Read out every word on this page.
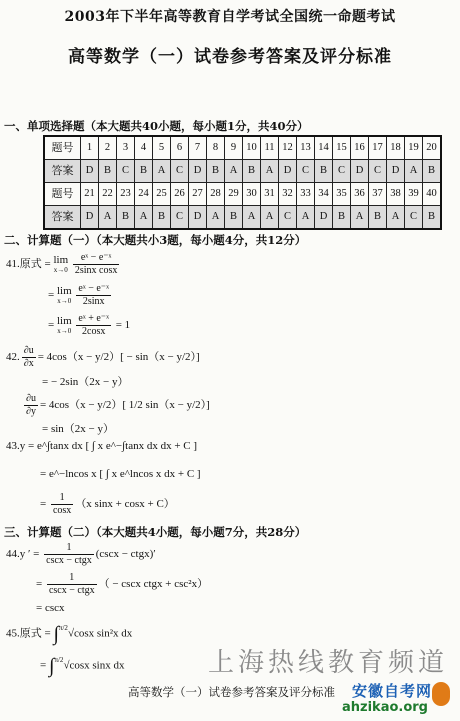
2003年下半年高等教育自学考试全国统一命题考试
高等数学（一）试卷参考答案及评分标准
一、单项选择题（本大题共40小题，每小题1分，共40分）
题号	1	2	3	4	5	6	7	8	9	10	11	12	13	14	15	16	17	18	19	20
答案	D	B	C	B	A	C	D	B	A	B	A	D	C	B	C	D	C	D	A	B
题号	21	22	23	24	25	26	27	28	29	30	31	32	33	34	35	36	37	38	39	40
答案	D	A	B	A	B	C	D	A	B	A	A	C	A	D	B	A	B	A	C	B
二、计算题（一）（本大题共小3题，每小题4分，共12分）
41.原式 = lim
x→0
$\frac{\text{eˣ − e⁻ˣ}}{\text{2sinx cosx}}$
= lim
x→0
$\frac{\text{eˣ − e⁻ˣ}}{2\sin x}$
= lim
x→0
$\frac{\text{eˣ + e⁻ˣ}}{2\cos x} = 1$
42. $\frac{\partial u}{\partial x} = 4\cos(x - y/2)[ - \sin(x - y/2)]$
= − 2sin（2x − y）
$\frac{\partial u}{\partial y} = 4\cos(x - y/2)$[ 1/2 sin（x − y/2）]
= sin（2x − y）
43.y = e^∫tanx dx [ ∫ x e^−∫tanx dx dx + C ]
= e^−lncos x [ ∫ x e^lncos x dx + C ]
= $\frac{1}{\cos x} (x$ sinx + cosx + C）
三、计算题（二）（本大题共4小题，每小题7分，共28分）
44.y ′ = $\frac{1}{\text{cscx − ctgx}} (\csc x$ − ctgx)′
= $\frac{1}{\text{cscx − ctgx}}$ （ − cscx ctgx + csc²x）
= cscx
45.原式 = ∫$^{\pi/2}$√cosx sin²x dx
= ∫$^{\pi/2}$√cosx sinx dx	上海热线教育频道
高等数学（一）试卷参考答案及评分标准 安徽自考网
ahzikao.org
